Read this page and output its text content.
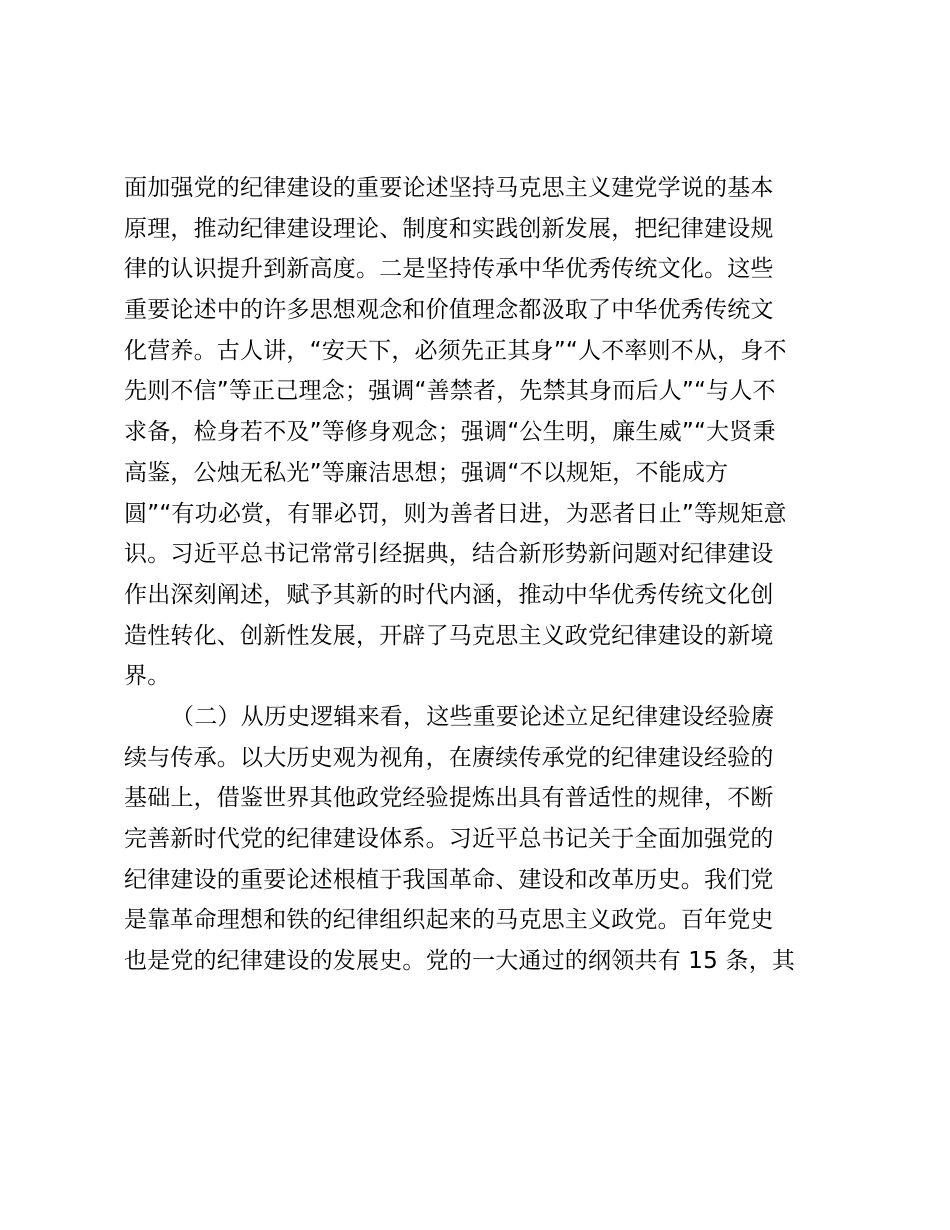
面加强党的纪律建设的重要论述坚持马克思主义建党学说的基本
原理，推动纪律建设理论、制度和实践创新发展，把纪律建设规
律的认识提升到新高度。二是坚持传承中华优秀传统文化。这些
重要论述中的许多思想观念和价值理念都汲取了中华优秀传统文
化营养。古人讲，“安天下，必须先正其身”“人不率则不从，身不
先则不信”等正己理念；强调“善禁者，先禁其身而后人”“与人不
求备，检身若不及”等修身观念；强调“公生明，廉生威”“大贤秉
高鉴，公烛无私光”等廉洁思想；强调“不以规矩，不能成方
圆”“有功必赏，有罪必罚，则为善者日进，为恶者日止”等规矩意
识。习近平总书记常常引经据典，结合新形势新问题对纪律建设
作出深刻阐述，赋予其新的时代内涵，推动中华优秀传统文化创
造性转化、创新性发展，开辟了马克思主义政党纪律建设的新境
界。
（二）从历史逻辑来看，这些重要论述立足纪律建设经验赓
续与传承。以大历史观为视角，在赓续传承党的纪律建设经验的
基础上，借鉴世界其他政党经验提炼出具有普适性的规律，不断
完善新时代党的纪律建设体系。习近平总书记关于全面加强党的
纪律建设的重要论述根植于我国革命、建设和改革历史。我们党
是靠革命理想和铁的纪律组织起来的马克思主义政党。百年党史
也是党的纪律建设的发展史。党的一大通过的纲领共有 15 条，其
